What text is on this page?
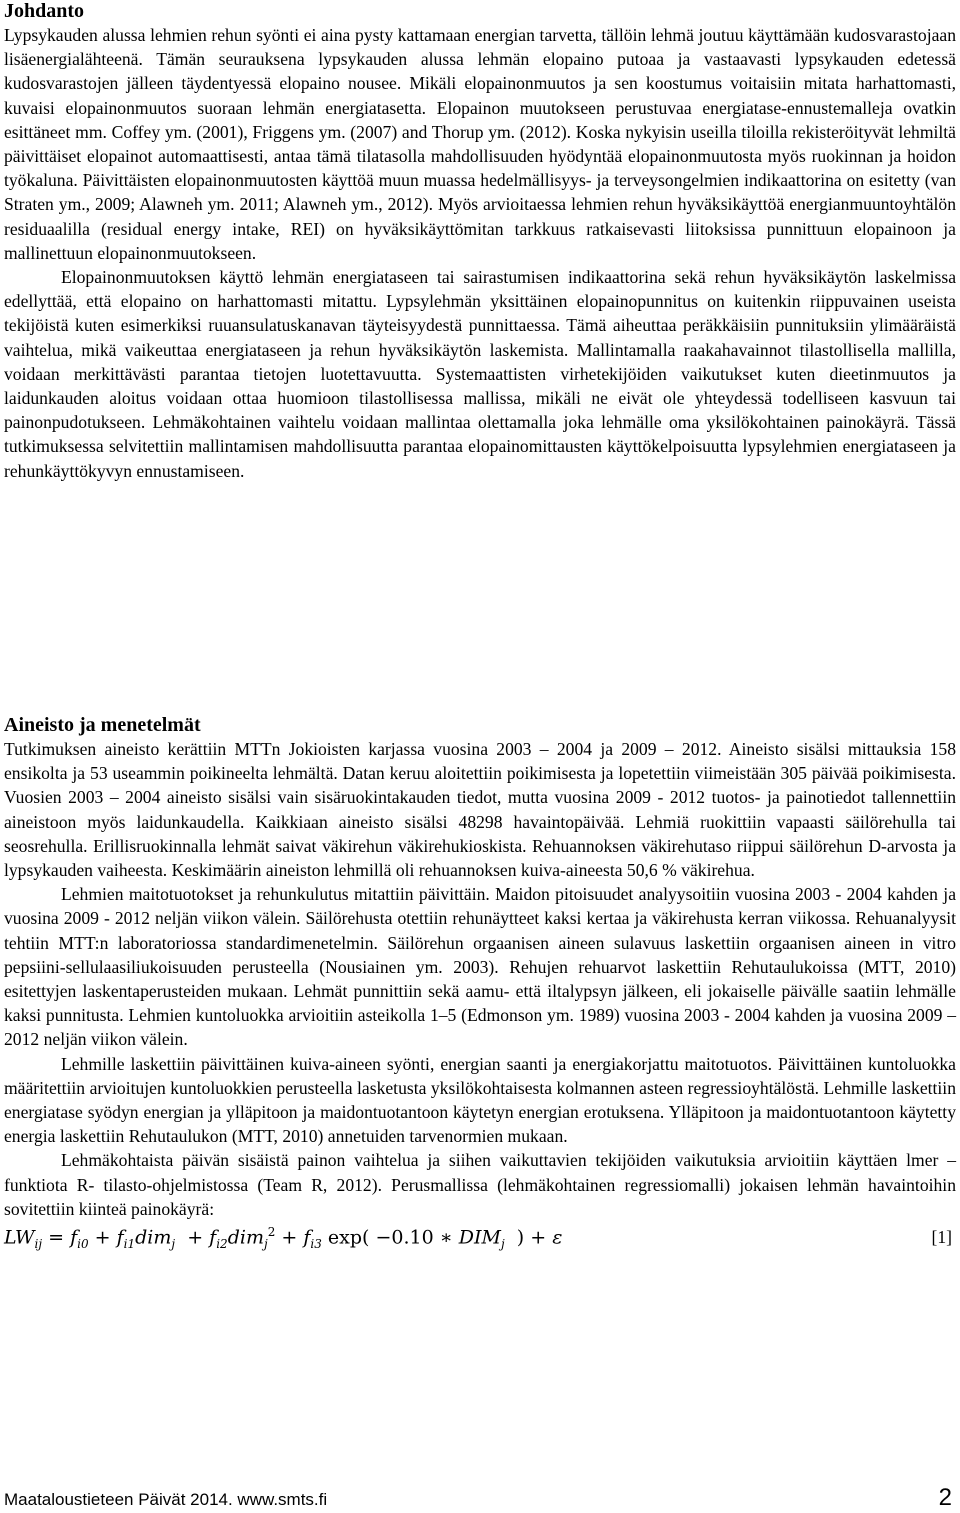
Johdanto

Lypsykauden alussa lehmien rehun syönti ei aina pysty kattamaan energian tarvetta, tällöin lehmä joutuu käyttämään kudosvarastojaan lisäenergialähteenä. Tämän seurauksena lypsykauden alussa lehmän elopaino putoaa ja vastaavasti lypsykauden edetessä kudosvarastojen jälleen täydentyessä elopaino nousee. Mikäli elopainonmuutos ja sen koostumus voitaisiin mitata harhattomasti, kuvaisi elopainonmuutos suoraan lehmän energiatasetta. Elopainon muutokseen perustuvaa energiatase-ennustemalleja ovatkin esittäneet mm. Coffey ym. (2001), Friggens ym. (2007) and Thorup ym. (2012). Koska nykyisin useilla tiloilla rekisteröityvät lehmiltä päivittäiset elopainot automaattisesti, antaa tämä tilatasolla mahdollisuuden hyödyntää elopainonmuutosta myös ruokinnan ja hoidon työkaluna. Päivittäisten elopainonmuutosten käyttöä muun muassa hedelmällisyys- ja terveysongelmien indikaattorina on esitetty (van Straten ym., 2009; Alawneh ym. 2011; Alawneh ym., 2012). Myös arvioitaessa lehmien rehun hyväksikäyttöä energianmuuntoyhtälön residuaalilla (residual energy intake, REI) on hyväksikäyttömitan tarkkuus ratkaisevasti liitoksissa punnittuun elopainoon ja mallinettuun elopainonmuutokseen.

Elopainonmuutoksen käyttö lehmän energiataseen tai sairastumisen indikaattorina sekä rehun hyväksikäytön laskelmissa edellyttää, että elopaino on harhattomasti mitattu. Lypsylehmän yksittäinen elopainopunnitus on kuitenkin riippuvainen useista tekijöistä kuten esimerkiksi ruuansulatuskanavan täyteisyydestä punnittaessa. Tämä aiheuttaa peräkkäisiin punnituksiin ylimääräistä vaihtelua, mikä vaikeuttaa energiataseen ja rehun hyväksikäytön laskemista. Mallintamalla raakahavainnot tilastollisella mallilla, voidaan merkittävästi parantaa tietojen luotettavuutta. Systemaattisten virhetekijöiden vaikutukset kuten dieetinmuutos ja laidunkauden aloitus voidaan ottaa huomioon tilastollisessa mallissa, mikäli ne eivät ole yhteydessä todelliseen kasvuun tai painonpudotukseen. Lehmäkohtainen vaihtelu voidaan mallintaa olettamalla joka lehmälle oma yksilökohtainen painokäyrä. Tässä tutkimuksessa selvitettiin mallintamisen mahdollisuutta parantaa elopainomittausten käyttökelpoisuutta lypsylehmien energiataseen ja rehunkäyttökyvyn ennustamiseen.

Aineisto ja menetelmät

Tutkimuksen aineisto kerättiin MTTn Jokioisten karjassa vuosina 2003 – 2004 ja 2009 – 2012. Aineisto sisälsi mittauksia 158 ensikolta ja 53 useammin poikineelta lehmältä. Datan keruu aloitettiin poikimisesta ja lopetettiin viimeistään 305 päivää poikimisesta. Vuosien 2003 – 2004 aineisto sisälsi vain sisäruokintakauden tiedot, mutta vuosina 2009 - 2012 tuotos- ja painotiedot tallennettiin aineistoon myös laidunkaudella. Kaikkiaan aineisto sisälsi 48298 havaintopäivää. Lehmiä ruokittiin vapaasti säilörehulla tai seosrehulla. Erillisruokinnalla lehmät saivat väkirehun väkirehukioskista. Rehuannoksen väkirehutaso riippui säilörehun D-arvosta ja lypsykauden vaiheesta. Keskimäärin aineiston lehmillä oli rehuannoksen kuiva-aineesta 50,6 % väkirehua.

Lehmien maitotuotokset ja rehunkulutus mitattiin päivittäin. Maidon pitoisuudet analyysoitiin vuosina 2003 - 2004 kahden ja vuosina 2009 - 2012 neljän viikon välein. Säilörehusta otettiin rehunäytteet kaksi kertaa ja väkirehusta kerran viikossa. Rehuanalyysit tehtiin MTT:n laboratoriossa standardimenetelmin. Säilörehun orgaanisen aineen sulavuus laskettiin orgaanisen aineen in vitro pepsiini-sellulaasiliukoisuuden perusteella (Nousiainen ym. 2003). Rehujen rehuarvot laskettiin Rehutaulukoissa (MTT, 2010) esitettyjen laskentaperusteiden mukaan. Lehmät punnittiin sekä aamu- että iltalypsyn jälkeen, eli jokaiselle päivälle saatiin lehmälle kaksi punnitusta. Lehmien kuntoluokka arvioitiin asteikolla 1–5 (Edmonson ym. 1989) vuosina 2003 - 2004 kahden ja vuosina 2009 – 2012 neljän viikon välein.

Lehmille laskettiin päivittäinen kuiva-aineen syönti, energian saanti ja energiakorjattu maitotuotos. Päivittäinen kuntoluokka määritettiin arvioitujen kuntoluokkien perusteella lasketusta yksilökohtaisesta kolmannen asteen regressioyhtälöstä. Lehmille laskettiin energiatase syödyn energian ja ylläpitoon ja maidontuotantoon käytetyn energian erotuksena. Ylläpitoon ja maidontuotantoon käytetty energia laskettiin Rehutaulukon (MTT, 2010) annetuiden tarvenormien mukaan.

Lehmäkohtaista päivän sisäistä painon vaihtelua ja siihen vaikuttavien tekijöiden vaikutuksia arvioitiin käyttäen lmer –funktiota R- tilasto-ohjelmistossa (Team R, 2012). Perusmallissa (lehmäkohtainen regressiomalli) jokaisen lehmän havaintoihin sovitettiin kiinteä painokäyrä:

$LW_{ij} = f_{i0} + f_{i1}dim_j + f_{i2}dim_j^2 + f_{i3}$ exp( −0.10 ∗ $DIM_j$ ) + ε	[1]
Maataloustieteen Päivät 2014. www.smts.fi	2
